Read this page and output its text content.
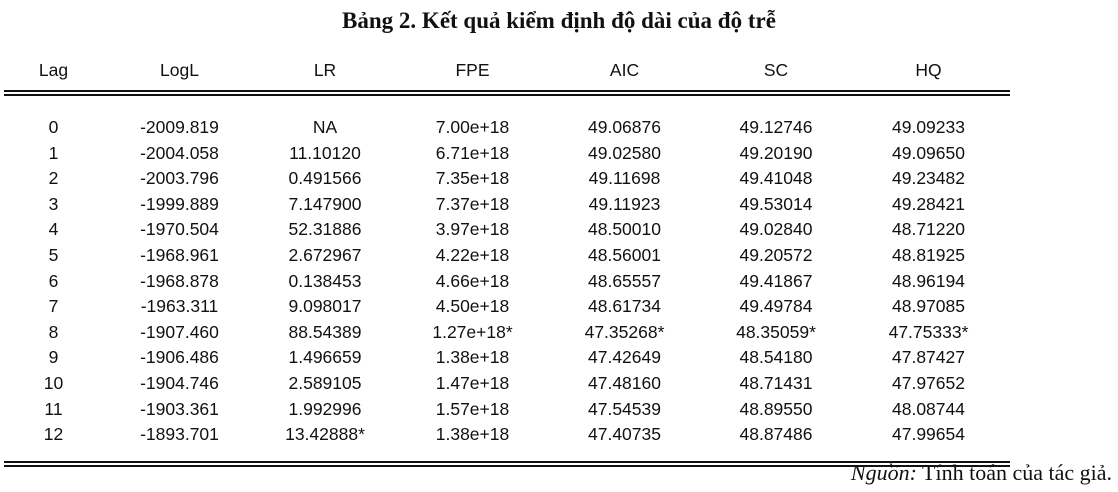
Bảng 2. Kết quả kiểm định độ dài của độ trễ
Lag	LogL	LR	FPE	AIC	SC	HQ
0	-2009.819	NA	7.00e+18	49.06876	49.12746	49.09233
1	-2004.058	11.10120	6.71e+18	49.02580	49.20190	49.09650
2	-2003.796	0.491566	7.35e+18	49.11698	49.41048	49.23482
3	-1999.889	7.147900	7.37e+18	49.11923	49.53014	49.28421
4	-1970.504	52.31886	3.97e+18	48.50010	49.02840	48.71220
5	-1968.961	2.672967	4.22e+18	48.56001	49.20572	48.81925
6	-1968.878	0.138453	4.66e+18	48.65557	49.41867	48.96194
7	-1963.311	9.098017	4.50e+18	48.61734	49.49784	48.97085
8	-1907.460	88.54389	1.27e+18*	47.35268*	48.35059*	47.75333*
9	-1906.486	1.496659	1.38e+18	47.42649	48.54180	47.87427
10	-1904.746	2.589105	1.47e+18	47.48160	48.71431	47.97652
11	-1903.361	1.992996	1.57e+18	47.54539	48.89550	48.08744
12	-1893.701	13.42888*	1.38e+18	47.40735	48.87486	47.99654
Nguồn: Tính toán của tác giả.
